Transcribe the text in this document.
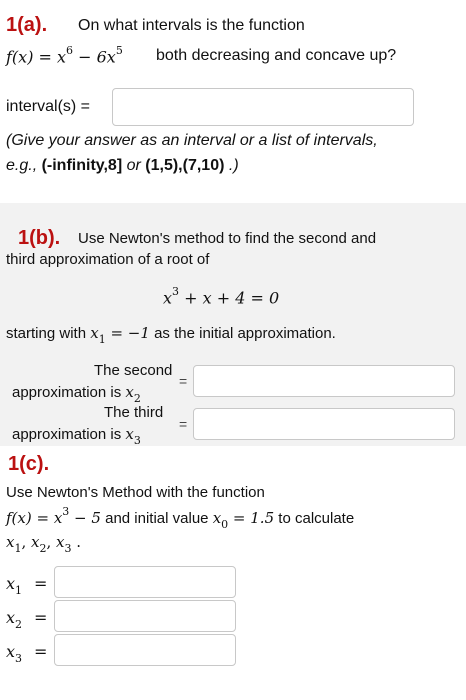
1(a). On what intervals is the function
$f(x) = x^6 - 6x^5$ both decreasing and concave up?
interval(s) =
(Give your answer as an interval or a list of intervals,
e.g., (-infinity,8] or (1,5),(7,10) .)
1(b). Use Newton's method to find the second and
third approximation of a root of
$x^3 + x + 4 = 0$
starting with $x_1 = -1$ as the initial approximation.
The second
approximation is $x_2$
=
The third
approximation is $x_3$
=
1(c).
Use Newton's Method with the function
$f(x) = x^3 - 5$ and initial value $x_0 = 1.5$ to calculate
$x_1$, $x_2$, $x_3$ .
$x_1$ =
$x_2$ =
$x_3$ =
